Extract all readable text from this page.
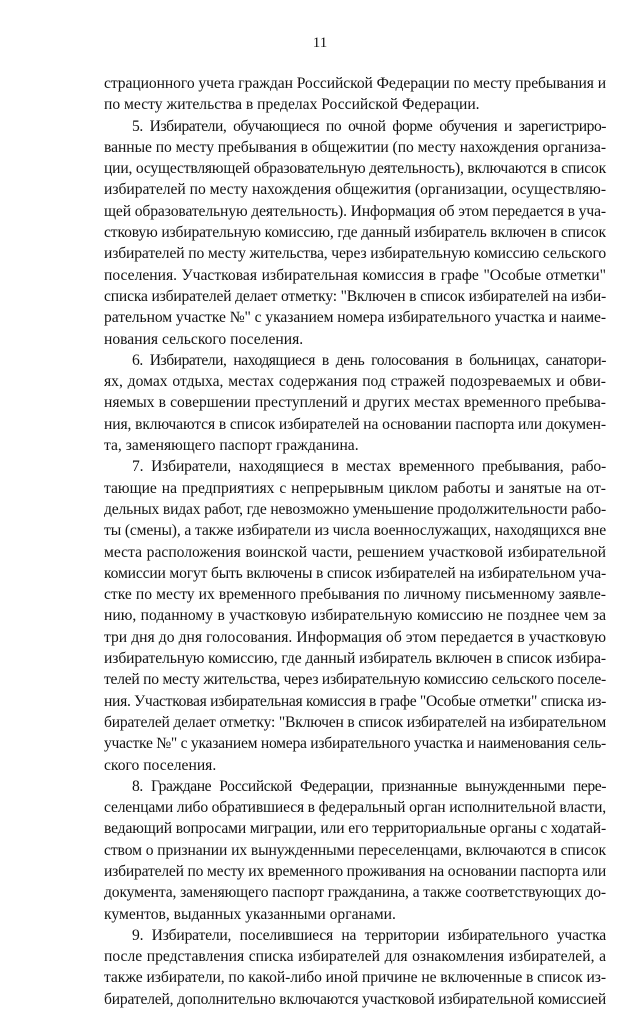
11

страционного учета граждан Российской Федерации по месту пребывания и
по месту жительства в пределах Российской Федерации.

5. Избиратели, обучающиеся по очной форме обучения и зарегистриро-
ванные по месту пребывания в общежитии (по месту нахождения организа-
ции, осуществляющей образовательную деятельность), включаются в список
избирателей по месту нахождения общежития (организации, осуществляю-
щей образовательную деятельность). Информация об этом передается в уча-
стковую избирательную комиссию, где данный избиратель включен в список
избирателей по месту жительства, через избирательную комиссию сельского
поселения. Участковая избирательная комиссия в графе "Особые отметки"
списка избирателей делает отметку: "Включен в список избирателей на изби-
рательном участке №" с указанием номера избирательного участка и наиме-
нования сельского поселения.

6. Избиратели, находящиеся в день голосования в больницах, санатори-
ях, домах отдыха, местах содержания под стражей подозреваемых и обви-
няемых в совершении преступлений и других местах временного пребыва-
ния, включаются в список избирателей на основании паспорта или докумен-
та, заменяющего паспорт гражданина.

7. Избиратели, находящиеся в местах временного пребывания, рабо-
тающие на предприятиях с непрерывным циклом работы и занятые на от-
дельных видах работ, где невозможно уменьшение продолжительности рабо-
ты (смены), а также избиратели из числа военнослужащих, находящихся вне
места расположения воинской части, решением участковой избирательной
комиссии могут быть включены в список избирателей на избирательном уча-
стке по месту их временного пребывания по личному письменному заявле-
нию, поданному в участковую избирательную комиссию не позднее чем за
три дня до дня голосования. Информация об этом передается в участковую
избирательную комиссию, где данный избиратель включен в список избира-
телей по месту жительства, через избирательную комиссию сельского поселе-
ния. Участковая избирательная комиссия в графе "Особые отметки" списка из-
бирателей делает отметку: "Включен в список избирателей на избирательном
участке №" с указанием номера избирательного участка и наименования сель-
ского поселения.

8. Граждане Российской Федерации, признанные вынужденными пере-
селенцами либо обратившиеся в федеральный орган исполнительной власти,
ведающий вопросами миграции, или его территориальные органы с ходатай-
ством о признании их вынужденными переселенцами, включаются в список
избирателей по месту их временного проживания на основании паспорта или
документа, заменяющего паспорт гражданина, а также соответствующих до-
кументов, выданных указанными органами.

9. Избиратели, поселившиеся на территории избирательного участка
после представления списка избирателей для ознакомления избирателей, а
также избиратели, по какой-либо иной причине не включенные в список из-
бирателей, дополнительно включаются участковой избирательной комиссией
